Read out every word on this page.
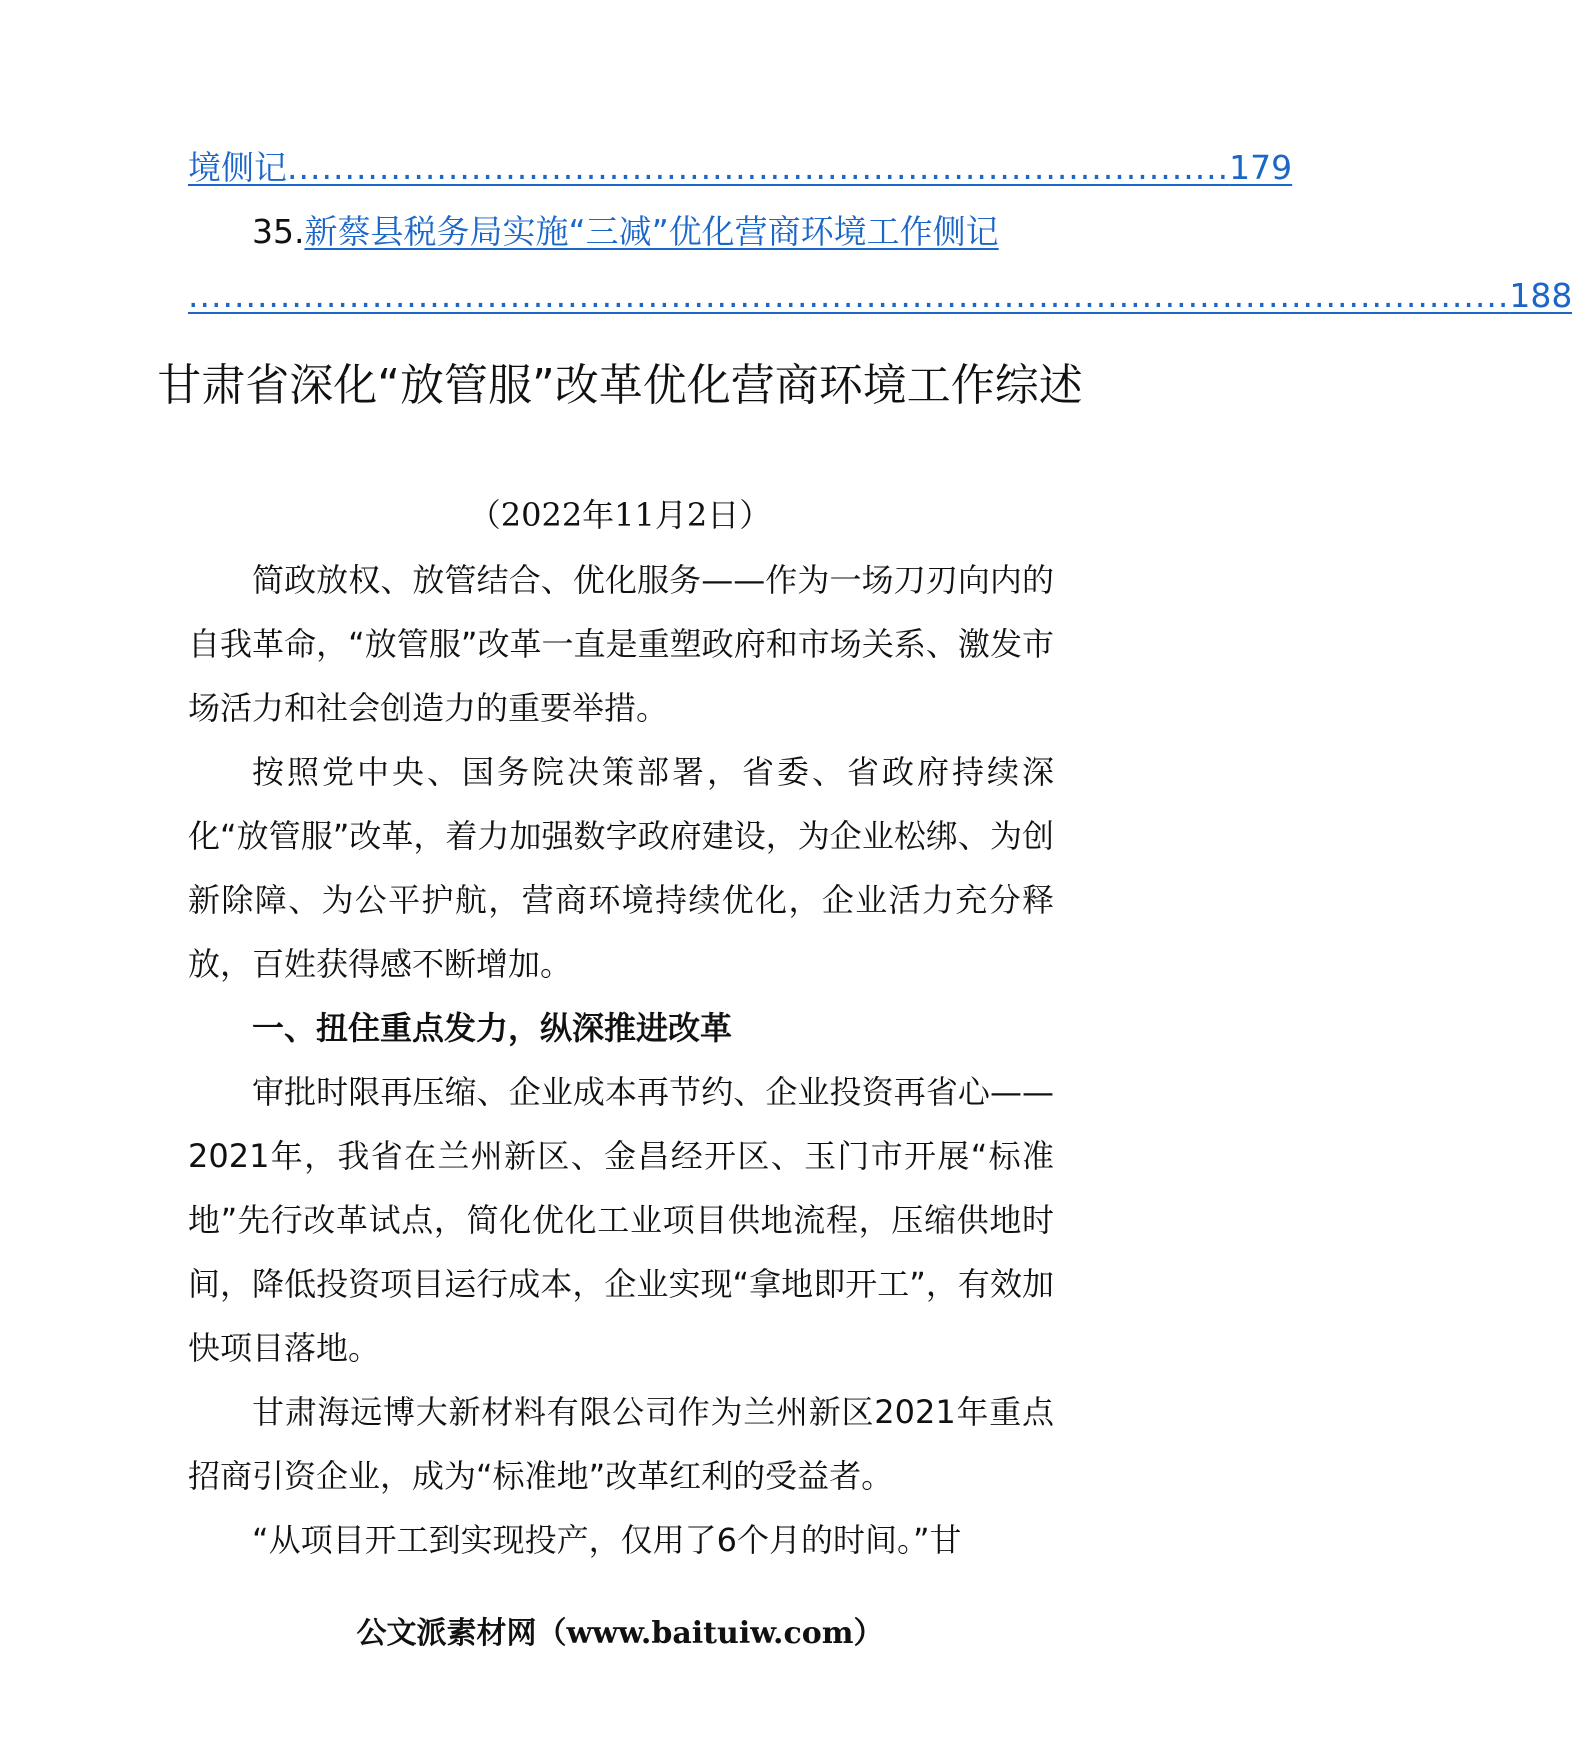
境侧记 .................................................................................. 179
35. 新蔡县税务局实施“三减”优化营商环境工作侧记
................................................................................................................... 188
甘肃省深化“放管服”改革优化营商环境工作综述
（2022年11月2日）

简政放权、放管结合、优化服务——作为一场刀刃向内的自我革命，“放管服”改革一直是重塑政府和市场关系、激发市场活力和社会创造力的重要举措。

按照党中央、国务院决策部署，省委、省政府持续深化“放管服”改革，着力加强数字政府建设，为企业松绑、为创新除障、为公平护航，营商环境持续优化，企业活力充分释放，百姓获得感不断增加。

一、扭住重点发力，纵深推进改革

审批时限再压缩、企业成本再节约、企业投资再省心——2021年，我省在兰州新区、金昌经开区、玉门市开展“标准地”先行改革试点，简化优化工业项目供地流程，压缩供地时间，降低投资项目运行成本，企业实现“拿地即开工”，有效加快项目落地。

甘肃海远博大新材料有限公司作为兰州新区2021年重点招商引资企业，成为“标准地”改革红利的受益者。

“从项目开工到实现投产，仅用了6个月的时间。”甘

公文派素材网（www.baituiw.com）
